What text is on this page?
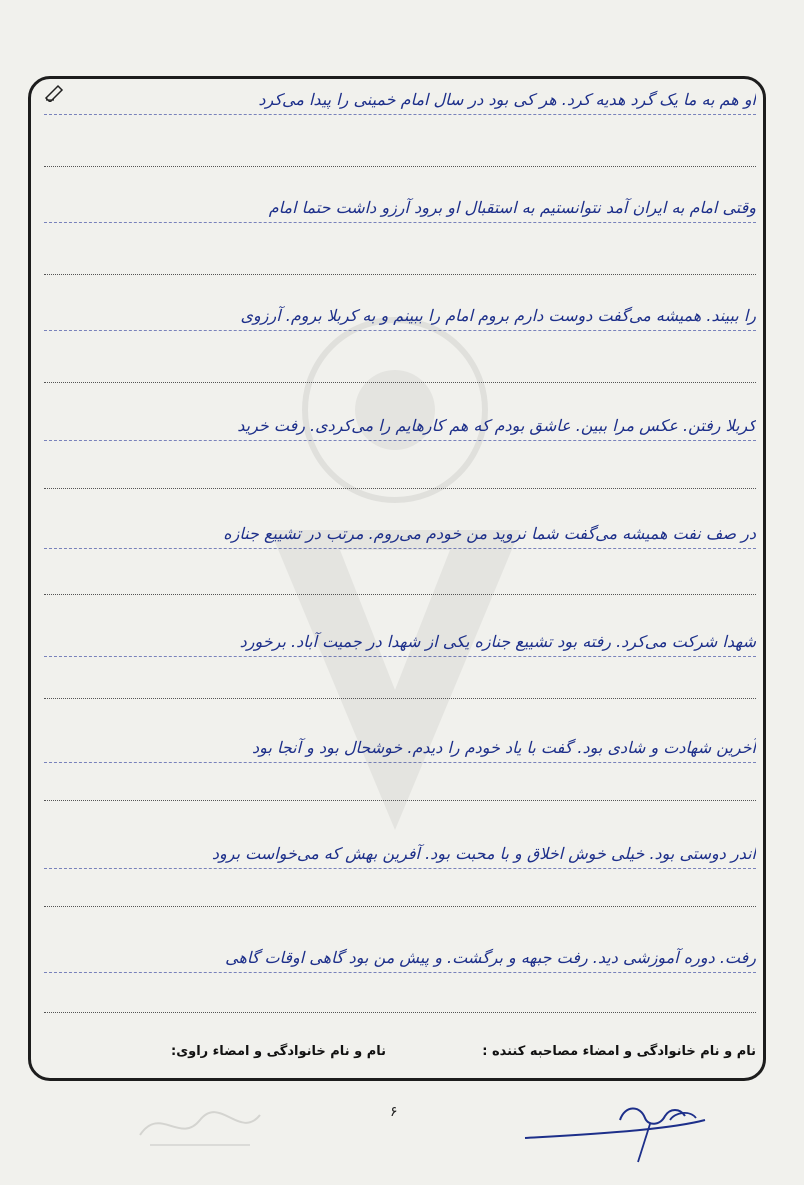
او هم به ما یک گرد هدیه کرد. هر کی بود در سال امام خمینی را پیدا می‌کرد
وقتی امام به ایران آمد نتوانستیم به استقبال او برود آرزو داشت حتما امام
را ببیند. همیشه می‌گفت دوست دارم بروم امام را ببینم و به کربلا بروم. آرزوی
کربلا رفتن. عکس مرا ببین. عاشق بودم که هم کارهایم را می‌کردی. رفت خرید
در صف نفت همیشه می‌گفت شما نروید من خودم می‌روم. مرتب در تشییع جنازه
شهدا شرکت می‌کرد. رفته بود تشییع جنازه یکی از شهدا در جمیت آباد. برخورد
آخرین شهادت و شادی بود. گفت با یاد خودم را دیدم. خوشحال بود و آنجا بود
اندر دوستی بود. خیلی خوش اخلاق و با محبت بود. آفرین بهش که می‌خواست برود
رفت. دوره آموزشی دید. رفت جبهه و برگشت. و پیش من بود گاهی اوقات گاهی
نام و نام خانوادگی و امضاء مصاحبه کننده :
نام و نام خانوادگی و امضاء راوی:
۶
